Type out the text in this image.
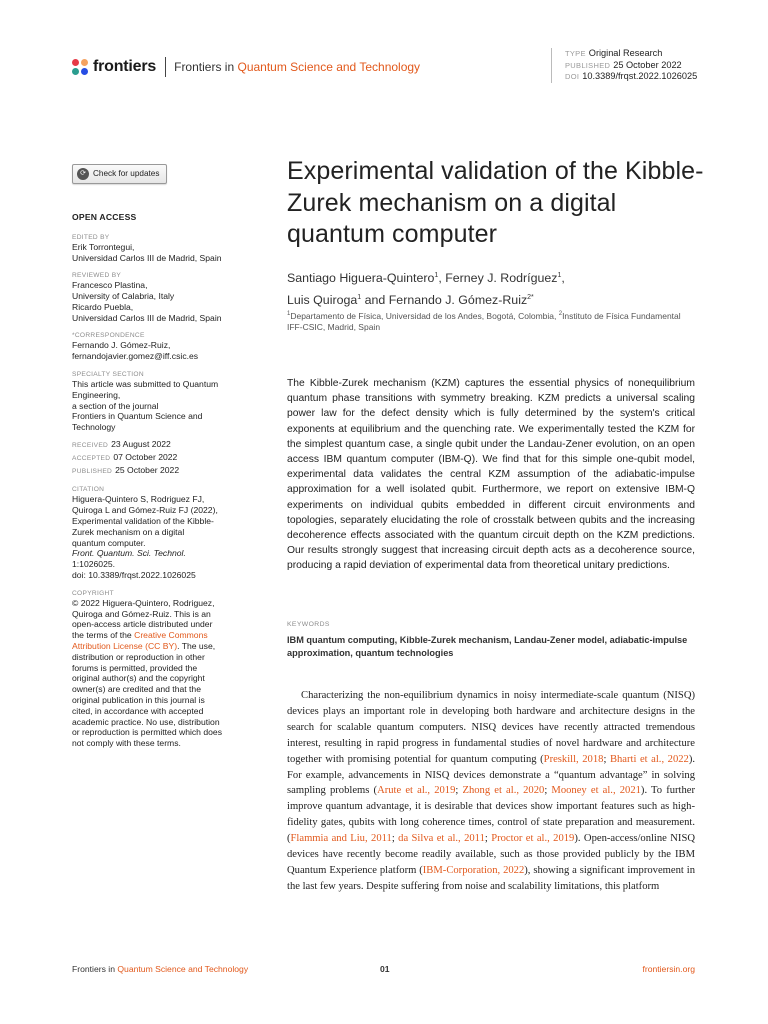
frontiers Frontiers in Quantum Science and Technology
TYPE Original Research
PUBLISHED 25 October 2022
DOI 10.3389/frqst.2022.1026025
⟳ Check for updates
OPEN ACCESS
EDITED BY
Erik Torrontegui,
Universidad Carlos III de Madrid, Spain
REVIEWED BY
Francesco Plastina,
University of Calabria, Italy
Ricardo Puebla,
Universidad Carlos III de Madrid, Spain
*CORRESPONDENCE
Fernando J. Gómez-Ruiz,
fernandojavier.gomez@iff.csic.es
SPECIALTY SECTION
This article was submitted to Quantum
Engineering,
a section of the journal
Frontiers in Quantum Science and
Technology
RECEIVED 23 August 2022
ACCEPTED 07 October 2022
PUBLISHED 25 October 2022
CITATION
Higuera-Quintero S, Rodriguez FJ,
Quiroga L and Gómez-Ruiz FJ (2022),
Experimental validation of the Kibble-
Zurek mechanism on a digital
quantum computer.
Front. Quantum. Sci. Technol.
1:1026025.
doi: 10.3389/frqst.2022.1026025
COPYRIGHT
© 2022 Higuera-Quintero, Rodriguez,
Quiroga and Gómez-Ruiz. This is an
open-access article distributed under
the terms of the Creative Commons
Attribution License (CC BY). The use,
distribution or reproduction in other
forums is permitted, provided the
original author(s) and the copyright
owner(s) are credited and that the
original publication in this journal is
cited, in accordance with accepted
academic practice. No use, distribution
or reproduction is permitted which does
not comply with these terms.
Experimental validation of the Kibble-Zurek mechanism on a digital quantum computer
Santiago Higuera-Quintero$^1$, Ferney J. Rodríguez$^1$,
Luis Quiroga$^1$ and Fernando J. Gómez-Ruiz$^{2*}$
$^1$Departamento de Física, Universidad de los Andes, Bogotá, Colombia, $^2$Instituto de Física Fundamental IFF-CSIC, Madrid, Spain
The Kibble-Zurek mechanism (KZM) captures the essential physics of nonequilibrium quantum phase transitions with symmetry breaking. KZM predicts a universal scaling power law for the defect density which is fully determined by the system's critical exponents at equilibrium and the quenching rate. We experimentally tested the KZM for the simplest quantum case, a single qubit under the Landau-Zener evolution, on an open access IBM quantum computer (IBM-Q). We find that for this simple one-qubit model, experimental data validates the central KZM assumption of the adiabatic-impulse approximation for a well isolated qubit. Furthermore, we report on extensive IBM-Q experiments on individual qubits embedded in different circuit environments and topologies, separately elucidating the role of crosstalk between qubits and the increasing decoherence effects associated with the quantum circuit depth on the KZM predictions. Our results strongly suggest that increasing circuit depth acts as a decoherence source, producing a rapid deviation of experimental data from theoretical unitary predictions.
KEYWORDS
IBM quantum computing, Kibble-Zurek mechanism, Landau-Zener model, adiabatic-impulse approximation, quantum technologies
Characterizing the non-equilibrium dynamics in noisy intermediate-scale quantum (NISQ) devices plays an important role in developing both hardware and architecture designs in the search for scalable quantum computers. NISQ devices have recently attracted tremendous interest, resulting in rapid progress in fundamental studies of novel hardware and architecture together with promising potential for quantum computing (Preskill, 2018; Bharti et al., 2022). For example, advancements in NISQ devices demonstrate a “quantum advantage” in solving sampling problems (Arute et al., 2019; Zhong et al., 2020; Mooney et al., 2021). To further improve quantum advantage, it is desirable that devices show important features such as high-fidelity gates, qubits with long coherence times, control of state preparation and measurement. (Flammia and Liu, 2011; da Silva et al., 2011; Proctor et al., 2019). Open-access/online NISQ devices have recently become readily available, such as those provided publicly by the IBM Quantum Experience platform (IBM-Corporation, 2022), showing a significant improvement in the last few years. Despite suffering from noise and scalability limitations, this platform
Frontiers in Quantum Science and Technology	01	frontiersin.org
